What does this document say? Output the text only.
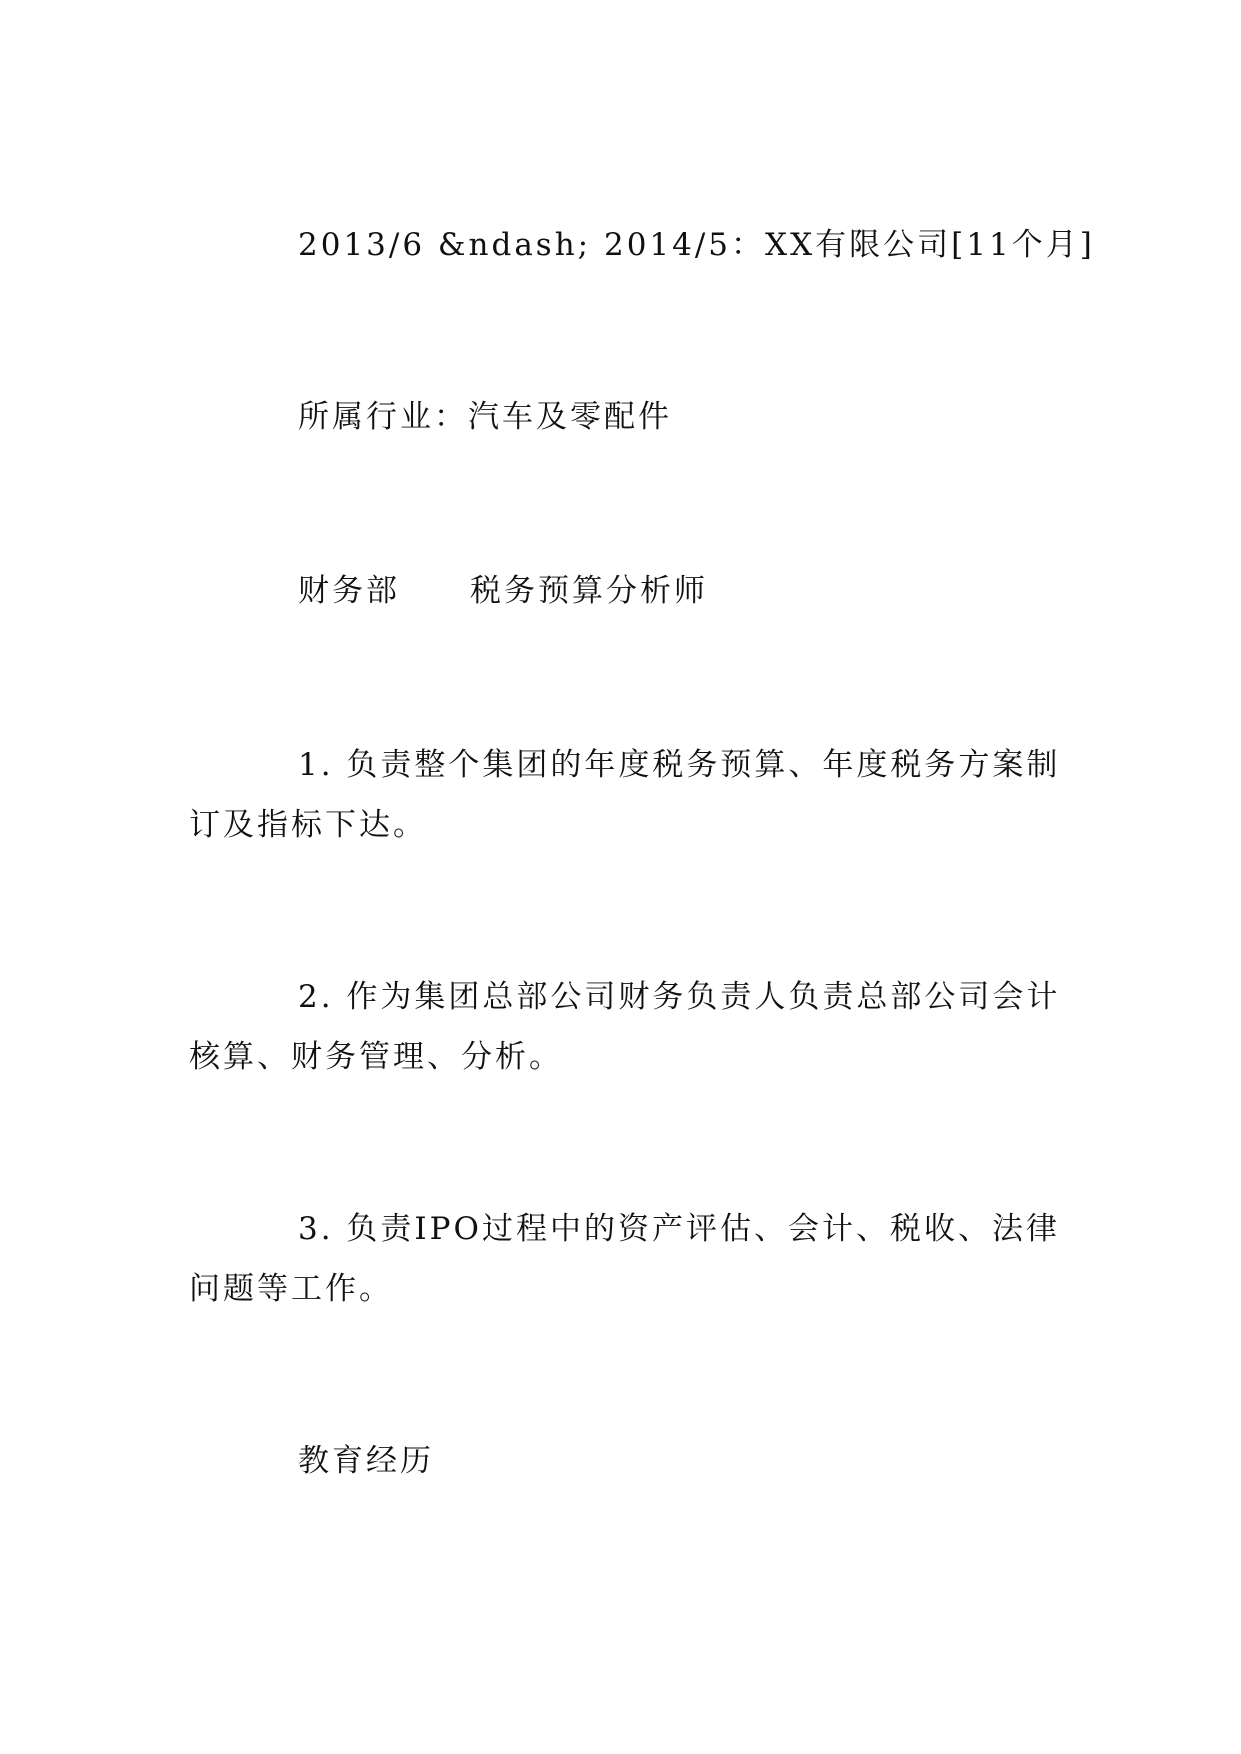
2013/6 &ndash; 2014/5：XX有限公司[11个月]
所属行业：汽车及零配件
财务部 税务预算分析师
1. 负责整个集团的年度税务预算、年度税务方案制
订及指标下达。
2. 作为集团总部公司财务负责人负责总部公司会计
核算、财务管理、分析。
3. 负责IPO过程中的资产评估、会计、税收、法律
问题等工作。
教育经历
